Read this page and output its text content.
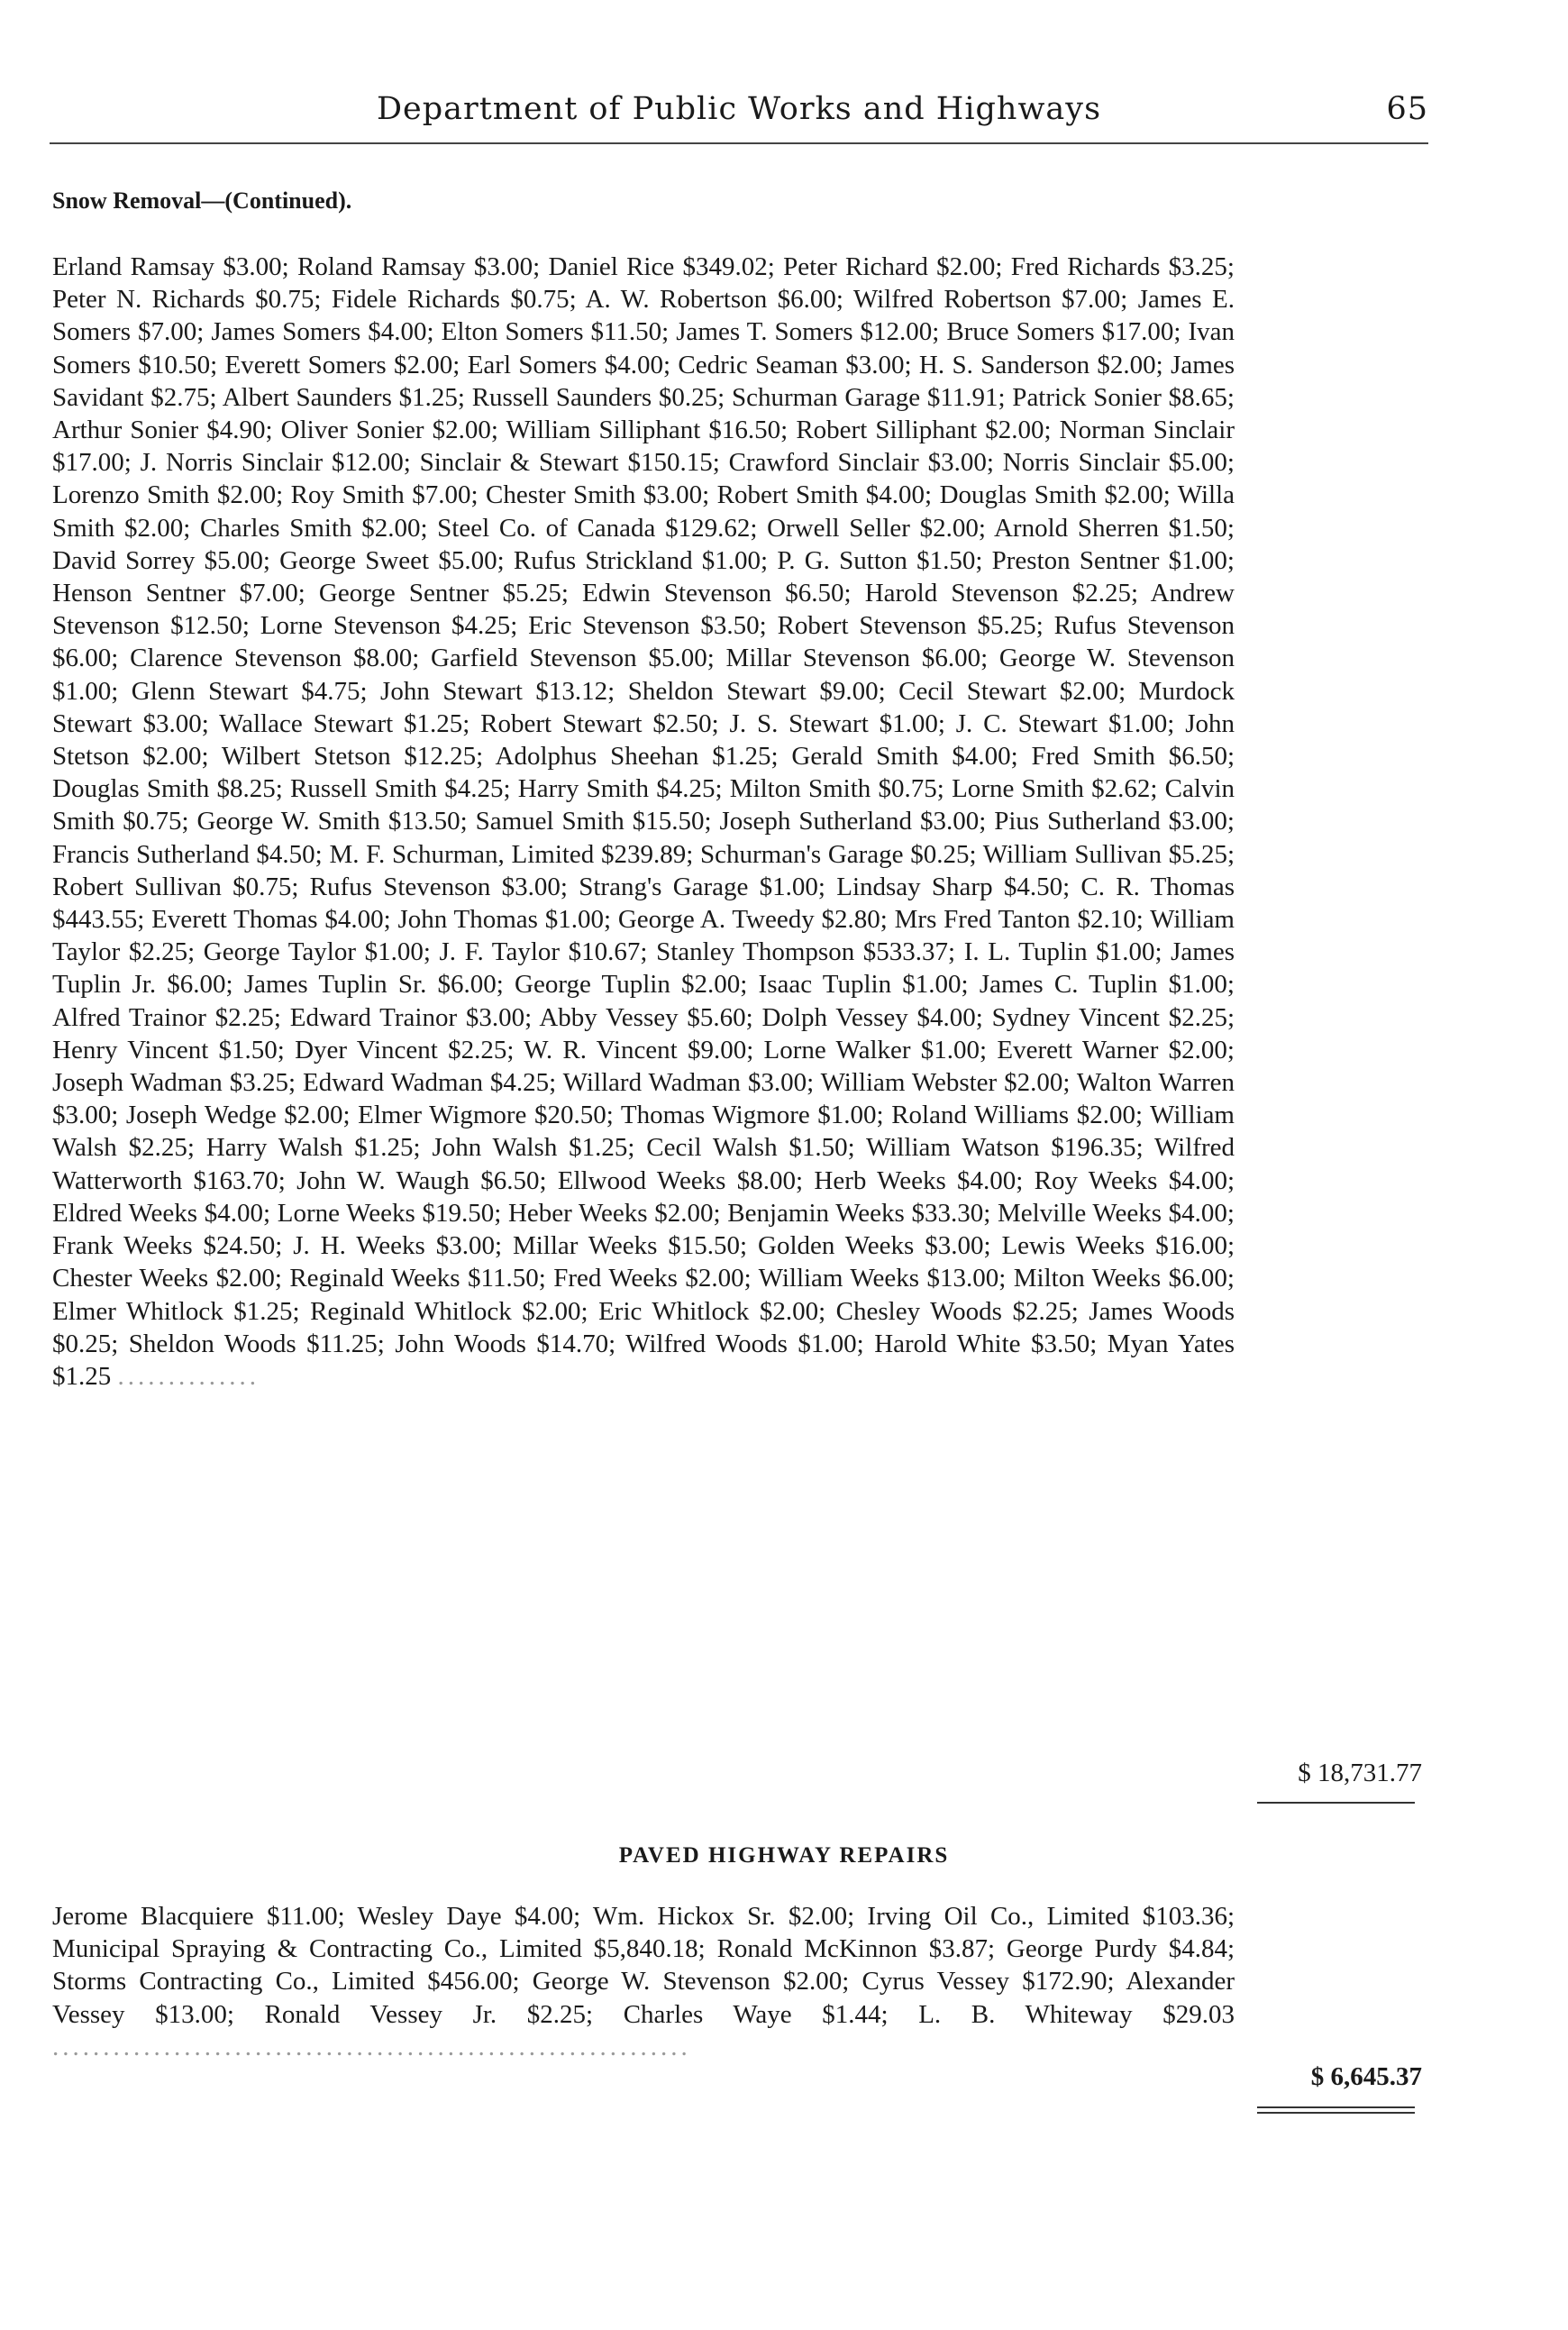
Department of Public Works and Highways	65
Snow Removal—(Continued).
Erland Ramsay $3.00; Roland Ramsay $3.00; Daniel Rice $349.02; Peter Richard $2.00; Fred Richards $3.25; Peter N. Richards $0.75; Fidele Richards $0.75; A. W. Robertson $6.00; Wilfred Robertson $7.00; James E. Somers $7.00; James Somers $4.00; Elton Somers $11.50; James T. Somers $12.00; Bruce Somers $17.00; Ivan Somers $10.50; Everett Somers $2.00; Earl Somers $4.00; Cedric Seaman $3.00; H. S. Sanderson $2.00; James Savidant $2.75; Albert Saunders $1.25; Russell Saunders $0.25; Schurman Garage $11.91; Patrick Sonier $8.65; Arthur Sonier $4.90; Oliver Sonier $2.00; William Silliphant $16.50; Robert Silliphant $2.00; Norman Sinclair $17.00; J. Norris Sinclair $12.00; Sinclair & Stewart $150.15; Crawford Sinclair $3.00; Norris Sinclair $5.00; Lorenzo Smith $2.00; Roy Smith $7.00; Chester Smith $3.00; Robert Smith $4.00; Douglas Smith $2.00; Willa Smith $2.00; Charles Smith $2.00; Steel Co. of Canada $129.62; Orwell Seller $2.00; Arnold Sherren $1.50; David Sorrey $5.00; George Sweet $5.00; Rufus Strickland $1.00; P. G. Sutton $1.50; Preston Sentner $1.00; Henson Sentner $7.00; George Sentner $5.25; Edwin Stevenson $6.50; Harold Stevenson $2.25; Andrew Stevenson $12.50; Lorne Stevenson $4.25; Eric Stevenson $3.50; Robert Stevenson $5.25; Rufus Stevenson $6.00; Clarence Stevenson $8.00; Garfield Stevenson $5.00; Millar Stevenson $6.00; George W. Stevenson $1.00; Glenn Stewart $4.75; John Stewart $13.12; Sheldon Stewart $9.00; Cecil Stewart $2.00; Murdock Stewart $3.00; Wallace Stewart $1.25; Robert Stewart $2.50; J. S. Stewart $1.00; J. C. Stewart $1.00; John Stetson $2.00; Wilbert Stetson $12.25; Adolphus Sheehan $1.25; Gerald Smith $4.00; Fred Smith $6.50; Douglas Smith $8.25; Russell Smith $4.25; Harry Smith $4.25; Milton Smith $0.75; Lorne Smith $2.62; Calvin Smith $0.75; George W. Smith $13.50; Samuel Smith $15.50; Joseph Sutherland $3.00; Pius Sutherland $3.00; Francis Sutherland $4.50; M. F. Schurman, Limited $239.89; Schurman's Garage $0.25; William Sullivan $5.25; Robert Sullivan $0.75; Rufus Stevenson $3.00; Strang's Garage $1.00; Lindsay Sharp $4.50; C. R. Thomas $443.55; Everett Thomas $4.00; John Thomas $1.00; George A. Tweedy $2.80; Mrs Fred Tanton $2.10; William Taylor $2.25; George Taylor $1.00; J. F. Taylor $10.67; Stanley Thompson $533.37; I. L. Tuplin $1.00; James Tuplin Jr. $6.00; James Tuplin Sr. $6.00; George Tuplin $2.00; Isaac Tuplin $1.00; James C. Tuplin $1.00; Alfred Trainor $2.25; Edward Trainor $3.00; Abby Vessey $5.60; Dolph Vessey $4.00; Sydney Vincent $2.25; Henry Vincent $1.50; Dyer Vincent $2.25; W. R. Vincent $9.00; Lorne Walker $1.00; Everett Warner $2.00; Joseph Wadman $3.25; Edward Wadman $4.25; Willard Wadman $3.00; William Webster $2.00; Walton Warren $3.00; Joseph Wedge $2.00; Elmer Wigmore $20.50; Thomas Wigmore $1.00; Roland Williams $2.00; William Walsh $2.25; Harry Walsh $1.25; John Walsh $1.25; Cecil Walsh $1.50; William Watson $196.35; Wilfred Watterworth $163.70; John W. Waugh $6.50; Ellwood Weeks $8.00; Herb Weeks $4.00; Roy Weeks $4.00; Eldred Weeks $4.00; Lorne Weeks $19.50; Heber Weeks $2.00; Benjamin Weeks $33.30; Melville Weeks $4.00; Frank Weeks $24.50; J. H. Weeks $3.00; Millar Weeks $15.50; Golden Weeks $3.00; Lewis Weeks $16.00; Chester Weeks $2.00; Reginald Weeks $11.50; Fred Weeks $2.00; William Weeks $13.00; Milton Weeks $6.00; Elmer Whitlock $1.25; Reginald Whitlock $2.00; Eric Whitlock $2.00; Chesley Woods $2.25; James Woods $0.25; Sheldon Woods $11.25; John Woods $14.70; Wilfred Woods $1.00; Harold White $3.50; Myan Yates $1.25 ..............
$ 18,731.77
PAVED HIGHWAY REPAIRS
Jerome Blacquiere $11.00; Wesley Daye $4.00; Wm. Hickox Sr. $2.00; Irving Oil Co., Limited $103.36; Municipal Spraying & Contracting Co., Limited $5,840.18; Ronald McKinnon $3.87; George Purdy $4.84; Storms Contracting Co., Limited $456.00; George W. Stevenson $2.00; Cyrus Vessey $172.90; Alexander Vessey $13.00; Ronald Vessey Jr. $2.25; Charles Waye $1.44; L. B. Whiteway $29.03 ...............................................................
$ 6,645.37
